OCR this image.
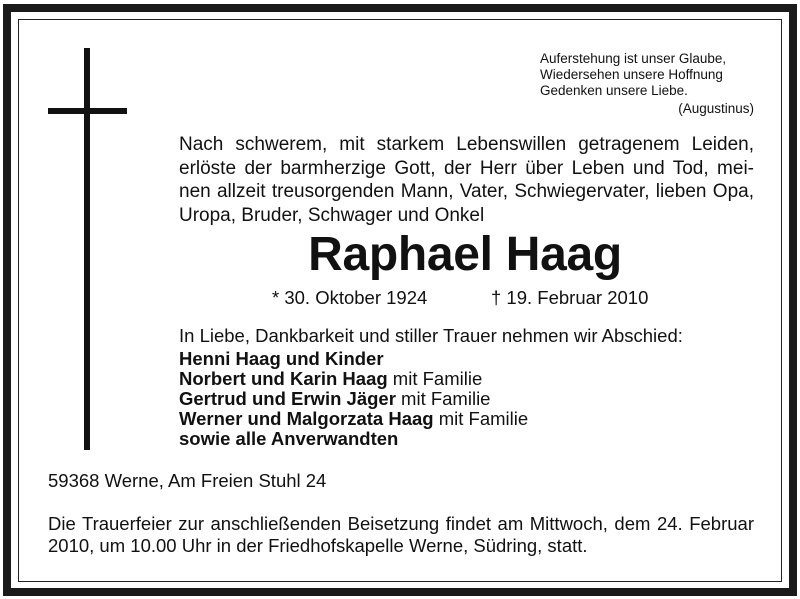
Auferstehung ist unser Glaube,
Wiedersehen unsere Hoffnung
Gedenken unsere Liebe.
(Augustinus)
Nach schwerem, mit starkem Lebenswillen getragenem Leiden, erlöste der barmherzige Gott, der Herr über Leben und Tod, mei- nen allzeit treusorgenden Mann, Vater, Schwiegervater, lieben Opa, Uropa, Bruder, Schwager und Onkel
Raphael Haag
* 30. Oktober 1924	† 19. Februar 2010
In Liebe, Dankbarkeit und stiller Trauer nehmen wir Abschied:
Henni Haag und Kinder
Norbert und Karin Haag mit Familie
Gertrud und Erwin Jäger mit Familie
Werner und Malgorzata Haag mit Familie
sowie alle Anverwandten
59368 Werne, Am Freien Stuhl 24
Die Trauerfeier zur anschließenden Beisetzung findet am Mittwoch, dem 24. Februar 2010, um 10.00 Uhr in der Friedhofskapelle Werne, Südring, statt.
